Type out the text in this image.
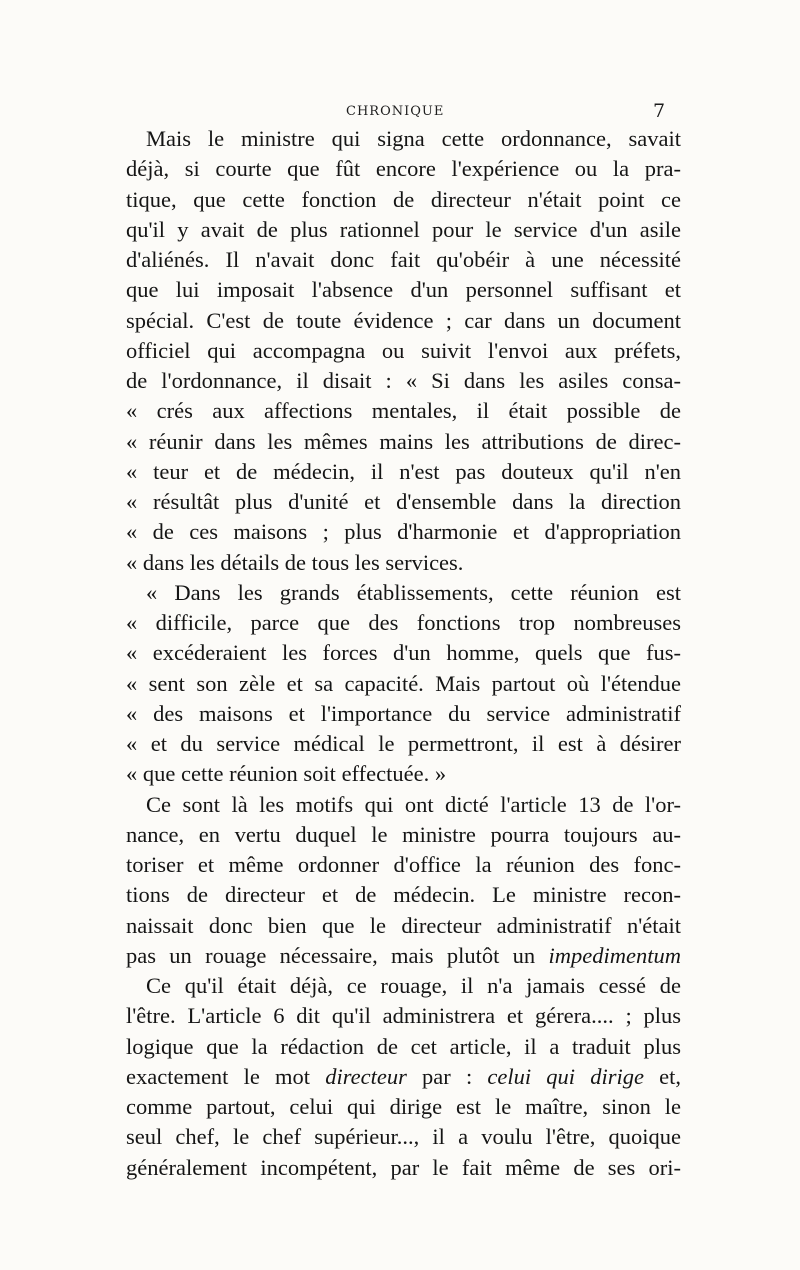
CHRONIQUE	7
Mais le ministre qui signa cette ordonnance, savait
déjà, si courte que fût encore l'expérience ou la pra-
tique, que cette fonction de directeur n'était point ce
qu'il y avait de plus rationnel pour le service d'un asile
d'aliénés. Il n'avait donc fait qu'obéir à une nécessité
que lui imposait l'absence d'un personnel suffisant et
spécial. C'est de toute évidence ; car dans un document
officiel qui accompagna ou suivit l'envoi aux préfets,
de l'ordonnance, il disait : « Si dans les asiles consa-
« crés aux affections mentales, il était possible de
« réunir dans les mêmes mains les attributions de direc-
« teur et de médecin, il n'est pas douteux qu'il n'en
« résultât plus d'unité et d'ensemble dans la direction
« de ces maisons ; plus d'harmonie et d'appropriation
« dans les détails de tous les services.
« Dans les grands établissements, cette réunion est
« difficile, parce que des fonctions trop nombreuses
« excéderaient les forces d'un homme, quels que fus-
« sent son zèle et sa capacité. Mais partout où l'étendue
« des maisons et l'importance du service administratif
« et du service médical le permettront, il est à désirer
« que cette réunion soit effectuée. »
Ce sont là les motifs qui ont dicté l'article 13 de l'or-
nance, en vertu duquel le ministre pourra toujours au-
toriser et même ordonner d'office la réunion des fonc-
tions de directeur et de médecin. Le ministre recon-
naissait donc bien que le directeur administratif n'était
pas un rouage nécessaire, mais plutôt un impedimentum
Ce qu'il était déjà, ce rouage, il n'a jamais cessé de
l'être. L'article 6 dit qu'il administrera et gérera.... ; plus
logique que la rédaction de cet article, il a traduit plus
exactement le mot directeur par : celui qui dirige et,
comme partout, celui qui dirige est le maître, sinon le
seul chef, le chef supérieur..., il a voulu l'être, quoique
généralement incompétent, par le fait même de ses ori-
